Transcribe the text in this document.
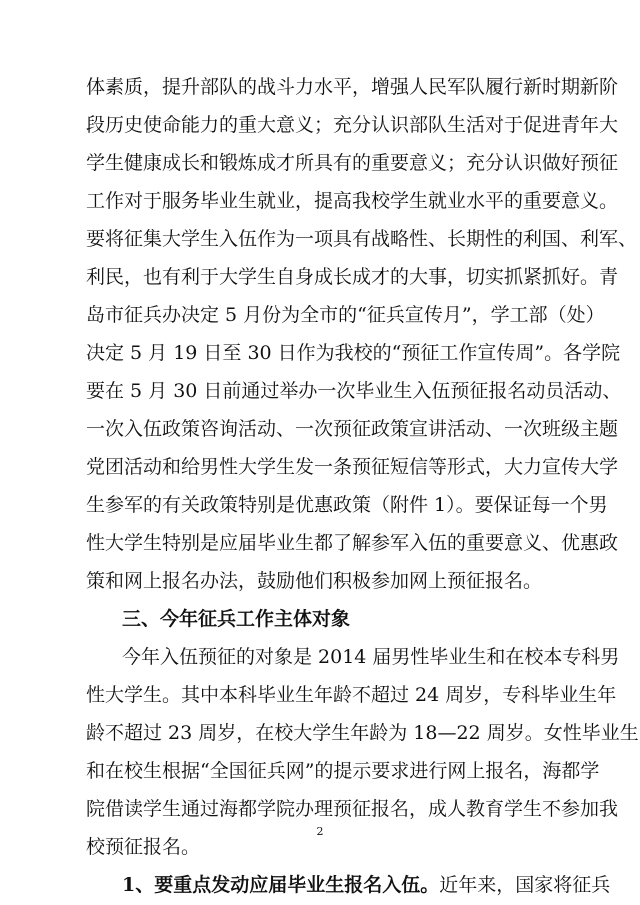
体素质，提升部队的战斗力水平，增强人民军队履行新时期新阶
段历史使命能力的重大意义；充分认识部队生活对于促进青年大
学生健康成长和锻炼成才所具有的重要意义；充分认识做好预征
工作对于服务毕业生就业，提高我校学生就业水平的重要意义。
要将征集大学生入伍作为一项具有战略性、长期性的利国、利军、
利民，也有利于大学生自身成长成才的大事，切实抓紧抓好。青
岛市征兵办决定 5 月份为全市的“征兵宣传月”，学工部（处）
决定 5 月 19 日至 30 日作为我校的“预征工作宣传周”。各学院
要在 5 月 30 日前通过举办一次毕业生入伍预征报名动员活动、
一次入伍政策咨询活动、一次预征政策宣讲活动、一次班级主题
党团活动和给男性大学生发一条预征短信等形式，大力宣传大学
生参军的有关政策特别是优惠政策（附件 1）。要保证每一个男
性大学生特别是应届毕业生都了解参军入伍的重要意义、优惠政
策和网上报名办法，鼓励他们积极参加网上预征报名。
三、今年征兵工作主体对象
今年入伍预征的对象是 2014 届男性毕业生和在校本专科男
性大学生。其中本科毕业生年龄不超过 24 周岁，专科毕业生年
龄不超过 23 周岁，在校大学生年龄为 18—22 周岁。女性毕业生
和在校生根据“全国征兵网”的提示要求进行网上报名，海都学
院借读学生通过海都学院办理预征报名，成人教育学生不参加我
校预征报名。
1、要重点发动应届毕业生报名入伍。近年来，国家将征兵
2
